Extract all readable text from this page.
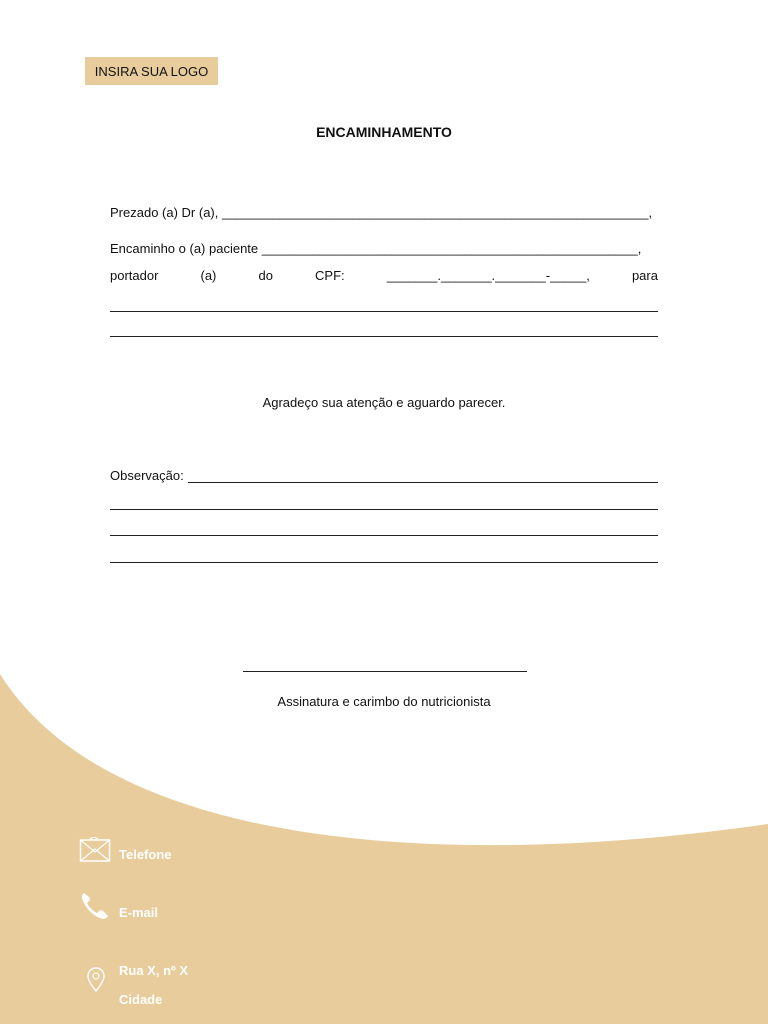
INSIRA SUA LOGO
ENCAMINHAMENTO
Prezado (a) Dr (a), ___________________________________________________________,
Encaminho o (a) paciente ____________________________________________________,
portador	(a)	do	CPF:	_______._______._______-_____,	para
Agradeço sua atenção e aguardo parecer.
Observação:
Assinatura e carimbo do nutricionista
Telefone
E-mail
Rua X, nº X
Cidade
